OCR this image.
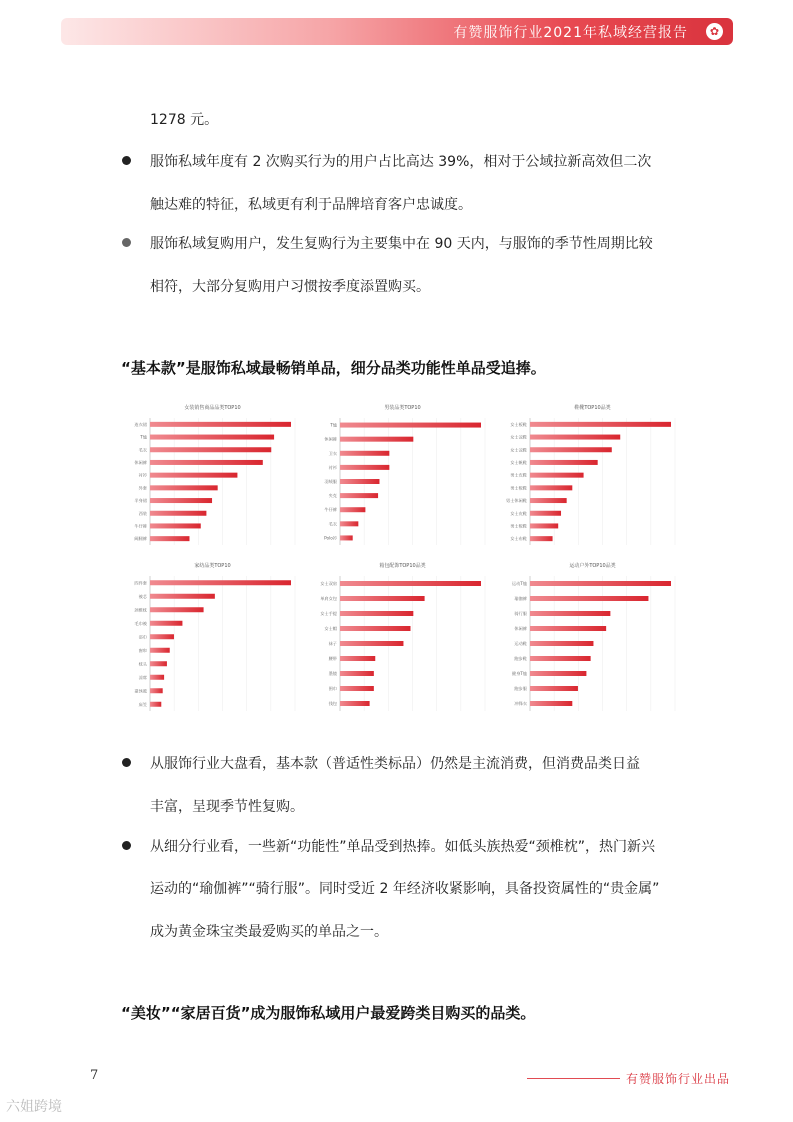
有赞服饰行业2021年私域经营报告	✿
1278 元。
服饰私域年度有 2 次购买行为的用户占比高达 39%，相对于公域拉新高效但二次
触达难的特征，私域更有利于品牌培育客户忠诚度。
服饰私域复购用户，发生复购行为主要集中在 90 天内，与服饰的季节性周期比较
相符，大部分复购用户习惯按季度添置购买。
“基本款”是服饰私域最畅销单品，细分品类功能性单品受追捧。
女装销售商品品类TOP10
连衣裙
T恤
毛衣
休闲裤
衬衫
外套
半身裙
西装
牛仔裤
阔腿裤
男装品类TOP10
T恤
休闲裤
卫衣
衬衫
羽绒服
夹克
牛仔裤
毛衣
Polo衫
鞋靴TOP10品类
女士板鞋
女士凉鞋
女士凉鞋
女士帆鞋
男士皮鞋
男士板鞋
男士休闲鞋
女士皮鞋
男士板鞋
女士布鞋
家纺品类TOP10
四件套
被芯
颈椎枕
毛巾被
浴巾
窗帘
枕头
凉席
蚕丝被
床笠
箱包配饰TOP10品类
女士双肩
单肩女包
女士手提
女士帽
袜子
腰带
墨镜
围巾
钱包
运动户外TOP10品类
运动T恤
瑜伽裤
骑行服
休闲裤
运动鞋
跑步鞋
健身T恤
跑步服
冲锋衣
从服饰行业大盘看，基本款（普适性类标品）仍然是主流消费，但消费品类日益
丰富，呈现季节性复购。
从细分行业看，一些新“功能性”单品受到热捧。如低头族热爱“颈椎枕”，热门新兴
运动的“瑜伽裤”“骑行服”。同时受近 2 年经济收紧影响，具备投资属性的“贵金属”
成为黄金珠宝类最爱购买的单品之一。
“美妆”“家居百货”成为服饰私域用户最爱跨类目购买的品类。
7	有赞服饰行业出品
六姐跨境
